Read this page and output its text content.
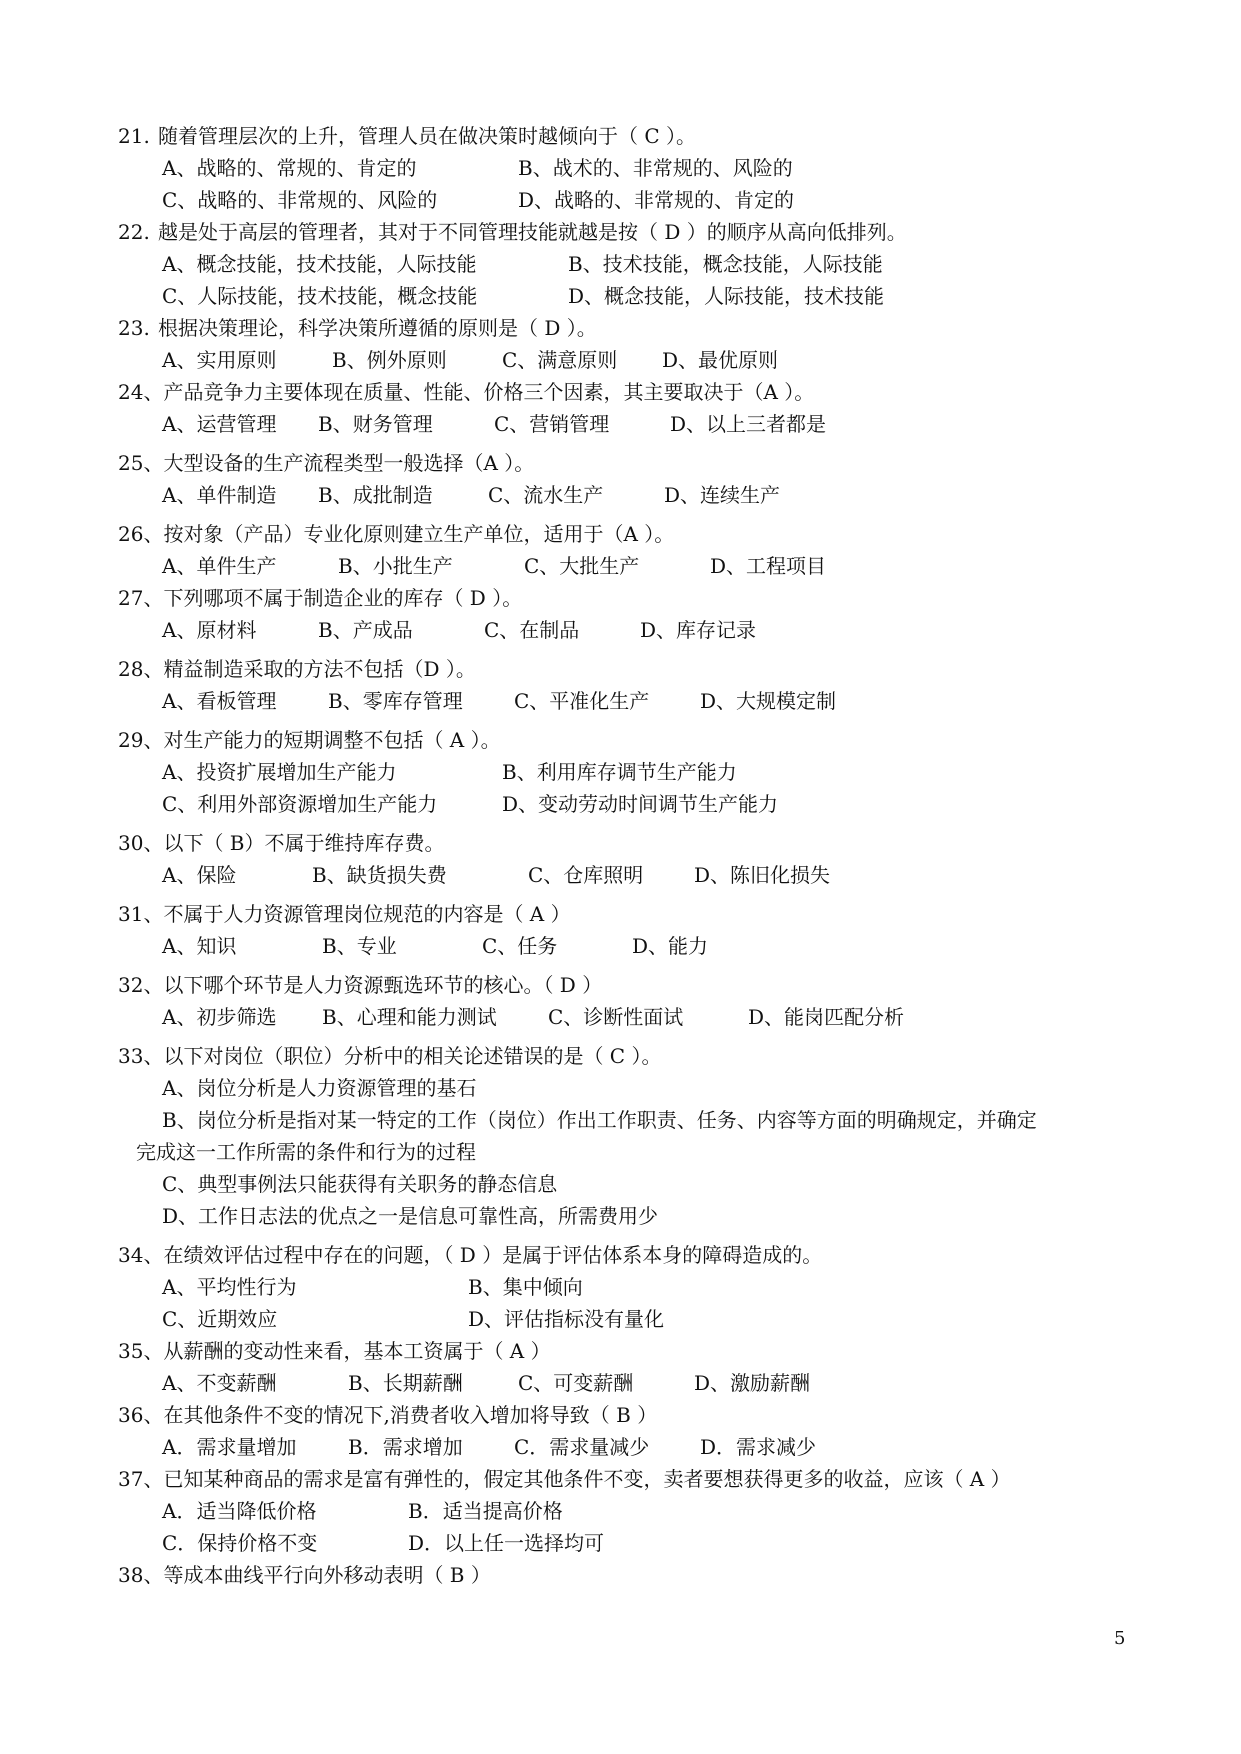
21. 随着管理层次的上升，管理人员在做决策时越倾向于（ C ）。
A、战略的、常规的、肯定的	B、战术的、非常规的、风险的
C、战略的、非常规的、风险的	D、战略的、非常规的、肯定的
22. 越是处于高层的管理者，其对于不同管理技能就越是按（ D ）的顺序从高向低排列。
A、概念技能，技术技能，人际技能	B、技术技能，概念技能，人际技能
C、人际技能，技术技能，概念技能	D、概念技能，人际技能，技术技能
23. 根据决策理论，科学决策所遵循的原则是（ D ）。
A、实用原则	B、例外原则	C、满意原则	D、最优原则
24、产品竞争力主要体现在质量、性能、价格三个因素，其主要取决于（A ）。
A、运营管理	B、财务管理	C、营销管理	D、以上三者都是
25、大型设备的生产流程类型一般选择（A ）。
A、单件制造	B、成批制造	C、流水生产	D、连续生产
26、按对象（产品）专业化原则建立生产单位，适用于（A ）。
A、单件生产	B、小批生产	C、大批生产	D、工程项目
27、下列哪项不属于制造企业的库存（ D ）。
A、原材料	B、产成品	C、在制品	D、库存记录
28、精益制造采取的方法不包括（D ）。
A、看板管理	B、零库存管理	C、平准化生产	D、大规模定制
29、对生产能力的短期调整不包括（ A ）。
A、投资扩展增加生产能力	B、利用库存调节生产能力
C、利用外部资源增加生产能力	D、变动劳动时间调节生产能力
30、以下（ B）不属于维持库存费。
A、保险	B、缺货损失费	C、仓库照明	D、陈旧化损失
31、不属于人力资源管理岗位规范的内容是（ A ）
A、知识	B、专业	C、任务	D、能力
32、以下哪个环节是人力资源甄选环节的核心。（ D ）
A、初步筛选	B、心理和能力测试	C、诊断性面试	D、能岗匹配分析
33、以下对岗位（职位）分析中的相关论述错误的是（ C ）。
A、岗位分析是人力资源管理的基石
B、岗位分析是指对某一特定的工作（岗位）作出工作职责、任务、内容等方面的明确规定，并确定
完成这一工作所需的条件和行为的过程
C、典型事例法只能获得有关职务的静态信息
D、工作日志法的优点之一是信息可靠性高，所需费用少
34、在绩效评估过程中存在的问题，（ D ）是属于评估体系本身的障碍造成的。
A、平均性行为	B、集中倾向
C、近期效应	D、评估指标没有量化
35、从薪酬的变动性来看，基本工资属于（ A ）
A、不变薪酬	B、长期薪酬	C、可变薪酬	D、激励薪酬
36、在其他条件不变的情况下,消费者收入增加将导致（ B ）
A．需求量增加	B．需求增加	C．需求量减少	D．需求减少
37、已知某种商品的需求是富有弹性的，假定其他条件不变，卖者要想获得更多的收益，应该（ A ）
A．适当降低价格	B．适当提高价格
C．保持价格不变	D．以上任一选择均可
38、等成本曲线平行向外移动表明（ B ）
5
